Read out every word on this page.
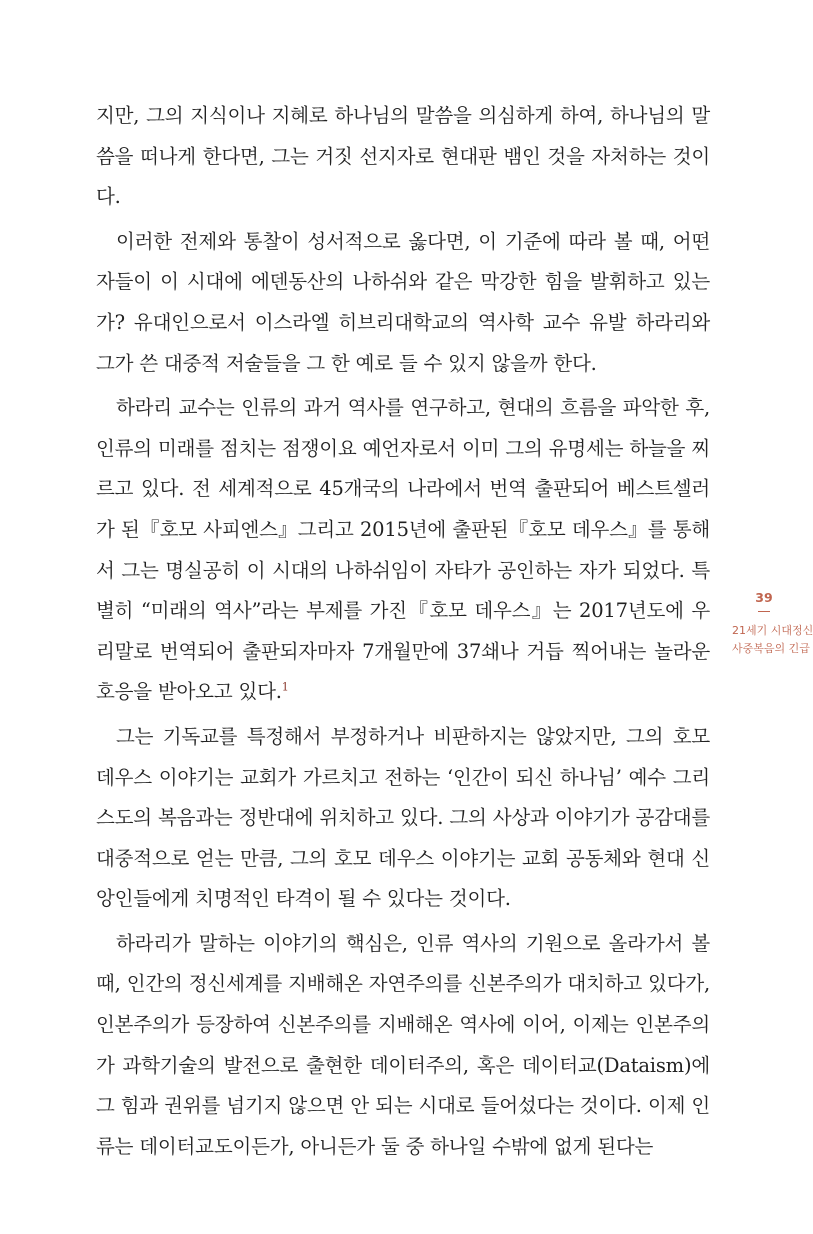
지만, 그의 지식이나 지혜로 하나님의 말씀을 의심하게 하여, 하나님의 말씀을 떠나게 한다면, 그는 거짓 선지자로 현대판 뱀인 것을 자처하는 것이다.

이러한 전제와 통찰이 성서적으로 옳다면, 이 기준에 따라 볼 때, 어떤 자들이 이 시대에 에덴동산의 나하쉬와 같은 막강한 힘을 발휘하고 있는가? 유대인으로서 이스라엘 히브리대학교의 역사학 교수 유발 하라리와 그가 쓴 대중적 저술들을 그 한 예로 들 수 있지 않을까 한다.

하라리 교수는 인류의 과거 역사를 연구하고, 현대의 흐름을 파악한 후, 인류의 미래를 점치는 점쟁이요 예언자로서 이미 그의 유명세는 하늘을 찌르고 있다. 전 세계적으로 45개국의 나라에서 번역 출판되어 베스트셀러가 된『호모 사피엔스』그리고 2015년에 출판된『호모 데우스』를 통해서 그는 명실공히 이 시대의 나하쉬임이 자타가 공인하는 자가 되었다. 특별히 “미래의 역사”라는 부제를 가진『호모 데우스』는 2017년도에 우리말로 번역되어 출판되자마자 7개월만에 37쇄나 거듭 찍어내는 놀라운 호응을 받아오고 있다.$^1$

그는 기독교를 특정해서 부정하거나 비판하지는 않았지만, 그의 호모 데우스 이야기는 교회가 가르치고 전하는 ‘인간이 되신 하나님’ 예수 그리스도의 복음과는 정반대에 위치하고 있다. 그의 사상과 이야기가 공감대를 대중적으로 얻는 만큼, 그의 호모 데우스 이야기는 교회 공동체와 현대 신앙인들에게 치명적인 타격이 될 수 있다는 것이다.

하라리가 말하는 이야기의 핵심은, 인류 역사의 기원으로 올라가서 볼 때, 인간의 정신세계를 지배해온 자연주의를 신본주의가 대치하고 있다가, 인본주의가 등장하여 신본주의를 지배해온 역사에 이어, 이제는 인본주의가 과학기술의 발전으로 출현한 데이터주의, 혹은 데이터교(Dataism)에 그 힘과 권위를 넘기지 않으면 안 되는 시대로 들어섰다는 것이다. 이제 인류는 데이터교도이든가, 아니든가 둘 중 하나일 수밖에 없게 된다는

39
21세기 시대정신
사중복음의 긴급
